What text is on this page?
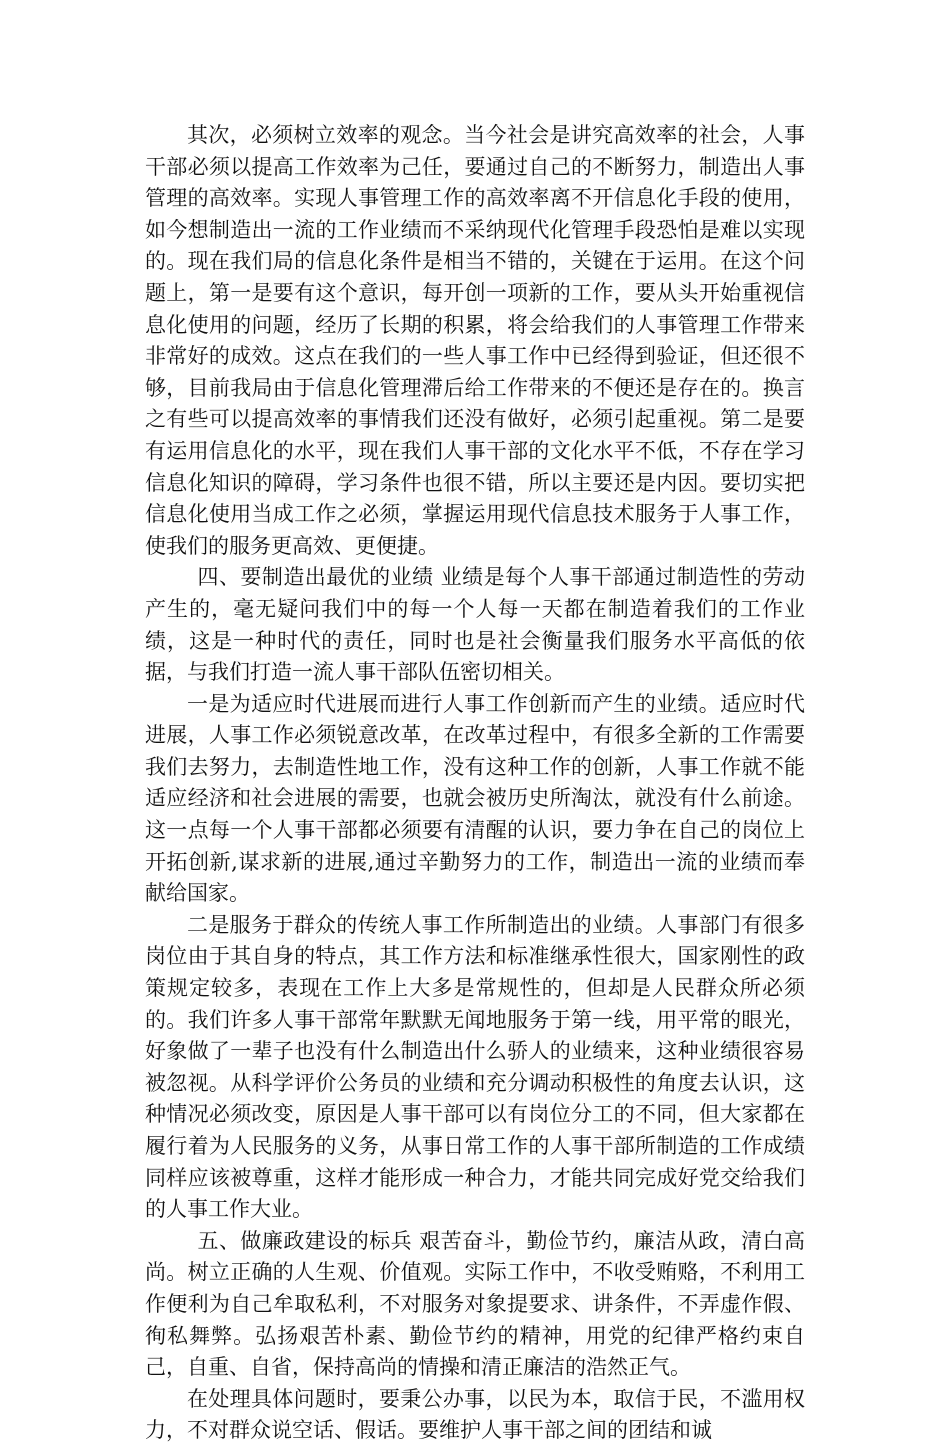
其次，必须树立效率的观念。当今社会是讲究高效率的社会，人事干部必须以提高工作效率为己任，要通过自己的不断努力，制造出人事管理的高效率。实现人事管理工作的高效率离不开信息化手段的使用，如今想制造出一流的工作业绩而不采纳现代化管理手段恐怕是难以实现的。现在我们局的信息化条件是相当不错的，关键在于运用。在这个问题上，第一是要有这个意识，每开创一项新的工作，要从头开始重视信息化使用的问题，经历了长期的积累，将会给我们的人事管理工作带来非常好的成效。这点在我们的一些人事工作中已经得到验证，但还很不够，目前我局由于信息化管理滞后给工作带来的不便还是存在的。换言之有些可以提高效率的事情我们还没有做好，必须引起重视。第二是要有运用信息化的水平，现在我们人事干部的文化水平不低，不存在学习信息化知识的障碍，学习条件也很不错，所以主要还是内因。要切实把信息化使用当成工作之必须，掌握运用现代信息技术服务于人事工作，使我们的服务更高效、更便捷。

四、要制造出最优的业绩 业绩是每个人事干部通过制造性的劳动产生的，毫无疑问我们中的每一个人每一天都在制造着我们的工作业绩，这是一种时代的责任，同时也是社会衡量我们服务水平高低的依据，与我们打造一流人事干部队伍密切相关。

一是为适应时代进展而进行人事工作创新而产生的业绩。适应时代进展，人事工作必须锐意改革，在改革过程中，有很多全新的工作需要我们去努力，去制造性地工作，没有这种工作的创新，人事工作就不能适应经济和社会进展的需要，也就会被历史所淘汰，就没有什么前途。这一点每一个人事干部都必须要有清醒的认识，要力争在自己的岗位上开拓创新,谋求新的进展,通过辛勤努力的工作，制造出一流的业绩而奉献给国家。

二是服务于群众的传统人事工作所制造出的业绩。人事部门有很多岗位由于其自身的特点，其工作方法和标准继承性很大，国家刚性的政策规定较多，表现在工作上大多是常规性的，但却是人民群众所必须的。我们许多人事干部常年默默无闻地服务于第一线，用平常的眼光，好象做了一辈子也没有什么制造出什么骄人的业绩来，这种业绩很容易被忽视。从科学评价公务员的业绩和充分调动积极性的角度去认识，这种情况必须改变，原因是人事干部可以有岗位分工的不同，但大家都在履行着为人民服务的义务，从事日常工作的人事干部所制造的工作成绩同样应该被尊重，这样才能形成一种合力，才能共同完成好党交给我们的人事工作大业。

五、做廉政建设的标兵 艰苦奋斗，勤俭节约，廉洁从政，清白高尚。树立正确的人生观、价值观。实际工作中，不收受贿赂，不利用工作便利为自己牟取私利，不对服务对象提要求、讲条件，不弄虚作假、徇私舞弊。弘扬艰苦朴素、勤俭节约的精神，用党的纪律严格约束自己，自重、自省，保持高尚的情操和清正廉洁的浩然正气。

在处理具体问题时，要秉公办事，以民为本，取信于民，不滥用权力，不对群众说空话、假话。要维护人事干部之间的团结和诚
